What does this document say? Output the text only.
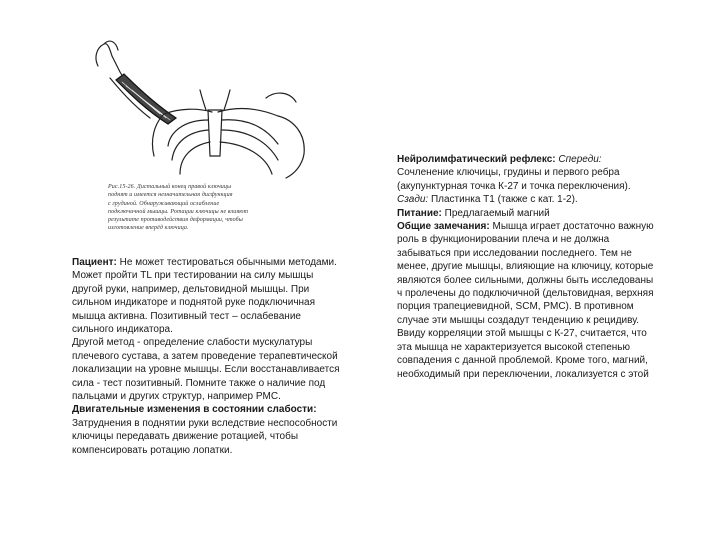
Рис.15-26. Дистальный конец правой ключицы
поднят и имеется незначительная дисфункция
с грудиной. Обнаруживающий ослабление
подключичной мышцы. Ротации ключицы не влияют
результате противодействия деформации, чтобы
изготовление вперёд ключица.
Пациент: Не может тестироваться обычными методами. Может пройти TL при тестировании на силу мышцы другой руки, например, дельтовидной мышцы. При сильном индикаторе и поднятой руке подключичная мышца активна. Позитивный тест – ослабевание сильного индикатора.
Другой метод - определение слабости мускулатуры плечевого сустава, а затем проведение терапевтической локализации на уровне мышцы. Если восстанавливается сила - тест позитивный. Помните также о наличие под пальцами и других структур, например PMC.
Двигательные изменения в состоянии слабости: Затруднения в поднятии руки вследствие неспособности ключицы передавать движение ротацией, чтобы компенсировать ротацию лопатки.
Нейролимфатический рефлекс: Спереди: Сочленение ключицы, грудины и первого ребра (акупунктурная точка К-27 и точка переключения).
Сзади: Пластинка T1 (также с кат. 1-2).
Питание: Предлагаемый магний
Общие замечания: Мышца играет достаточно важную роль в функционировании плеча и не должна забываться при исследовании последнего. Тем не менее, другие мышцы, влияющие на ключицу, которые являются более сильными, должны быть исследованы ч пролечены до подключичной (дельтовидная, верхняя порция трапециевидной, SCM, PMC). В противном случае эти мышцы создадут тенденцию к рецидиву.
Ввиду корреляции этой мышцы с К-27, считается, что эта мышца не характеризуется высокой степенью совпадения с данной проблемой. Кроме того, магний, необходимый при переключении, локализуется с этой
